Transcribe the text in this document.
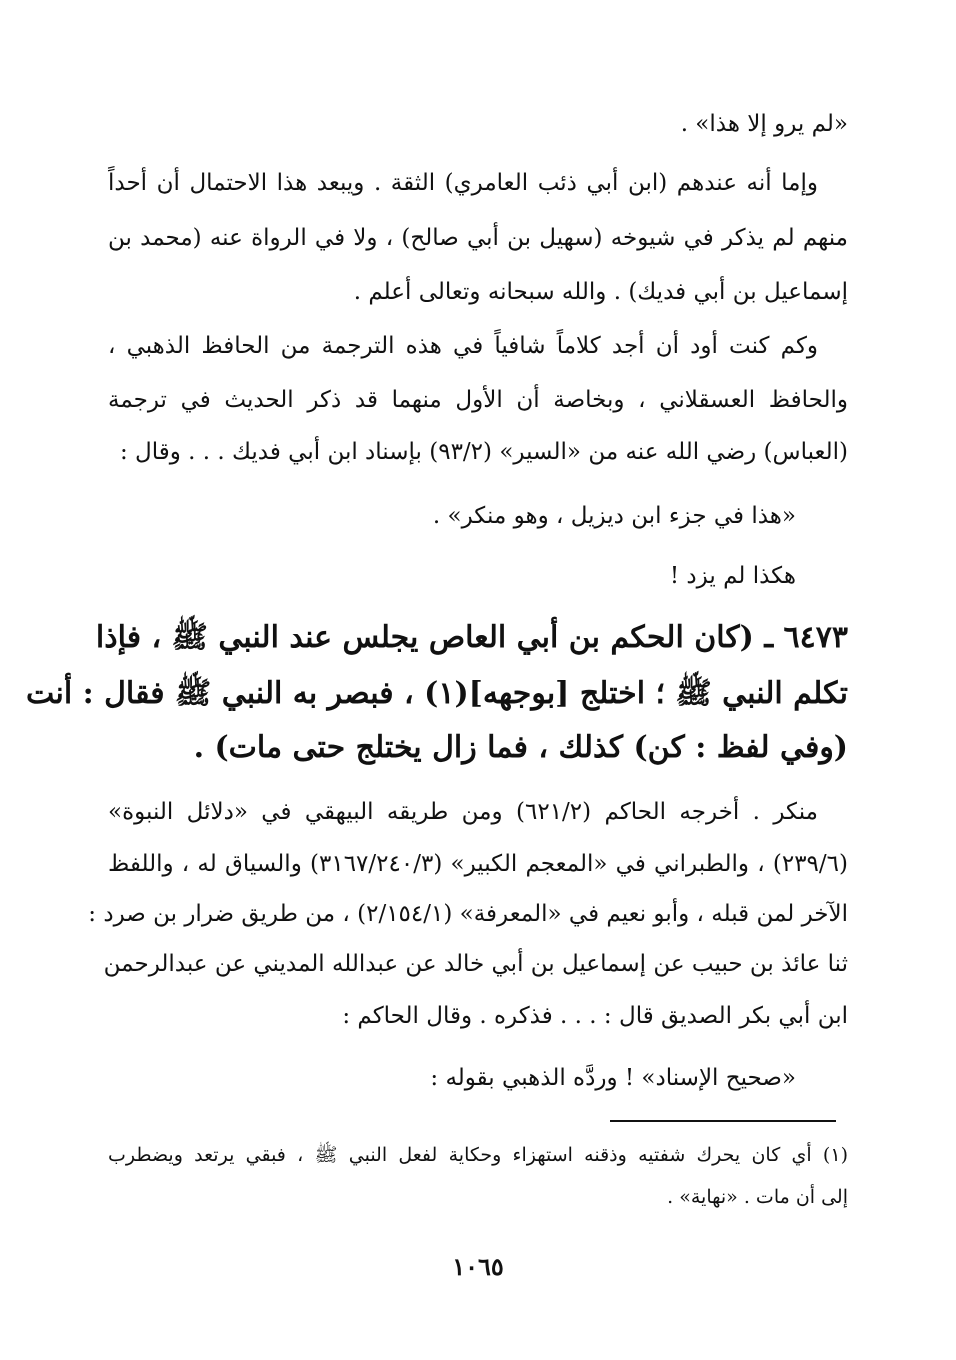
«لم يرو إلا هذا» .
وإما أنه عندهم (ابن أبي ذئب العامري) الثقة . ويبعد هذا الاحتمال أن أحداً
منهم لم يذكر في شيوخه (سهيل بن أبي صالح) ، ولا في الرواة عنه (محمد بن
إسماعيل بن أبي فديك) . والله سبحانه وتعالى أعلم .
وكم كنت أود أن أجد كلاماً شافياً في هذه الترجمة من الحافظ الذهبي ،
والحافظ العسقلاني ، وبخاصة أن الأول منهما قد ذكر الحديث في ترجمة
(العباس) رضي الله عنه من «السير» (٩٣/٢) بإسناد ابن أبي فديك . . . وقال :
«هذا في جزء ابن ديزيل ، وهو منكر» .
هكذا لم يزد !
٦٤٧٣ ـ (كان الحكم بن أبي العاص يجلس عند النبي ﷺ ، فإذا
تكلم النبي ﷺ ؛ اختلج [بوجهه](١) ، فبصر به النبي ﷺ فقال : أنت
(وفي لفظ : كن) كذلك ، فما زال يختلج حتى مات) .
منكر . أخرجه الحاكم (٦٢١/٢) ومن طريقه البيهقي في «دلائل النبوة»
(٢٣٩/٦) ، والطبراني في «المعجم الكبير» (٣١٦٧/٢٤٠/٣) والسياق له ، واللفظ
الآخر لمن قبله ، وأبو نعيم في «المعرفة» (٢/١٥٤/١) ، من طريق ضرار بن صرد :
ثنا عائذ بن حبيب عن إسماعيل بن أبي خالد عن عبدالله المديني عن عبدالرحمن
ابن أبي بكر الصديق قال : . . . فذكره . وقال الحاكم :
«صحيح الإسناد» ! وردَّه الذهبي بقوله :
(١) أي كان يحرك شفتيه وذقنه استهزاء وحكاية لفعل النبي ﷺ ، فبقي يرتعد ويضطرب
إلى أن مات . «نهاية» .
١٠٦٥
